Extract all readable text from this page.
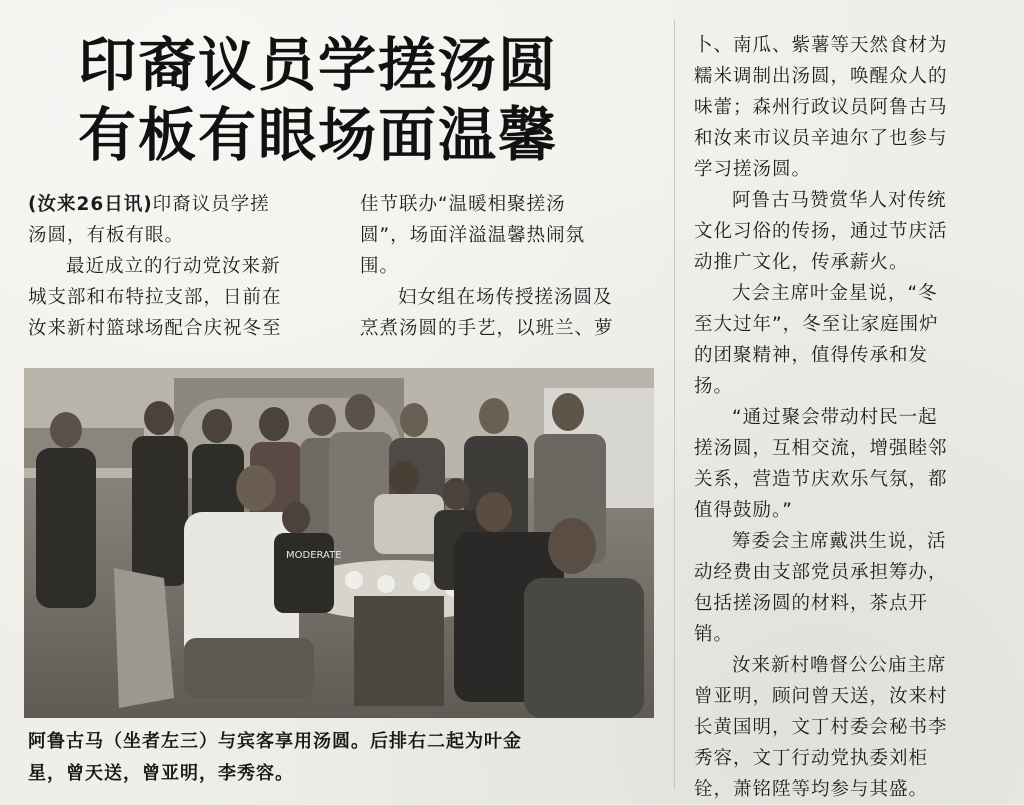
印裔议员学搓汤圆
有板有眼场面温馨
(汝来26日讯)印裔议员学搓
汤圆，有板有眼。
最近成立的行动党汝来新
城支部和布特拉支部，日前在
汝来新村篮球场配合庆祝冬至
佳节联办“温暖相聚搓汤
圆”，场面洋溢温馨热闹氛
围。
妇女组在场传授搓汤圆及
烹煮汤圆的手艺，以班兰、萝
卜、南瓜、紫薯等天然食材为
糯米调制出汤圆，唤醒众人的
味蕾；森州行政议员阿鲁古马
和汝来市议员辛迪尔了也参与
学习搓汤圆。
阿鲁古马赞赏华人对传统
文化习俗的传扬，通过节庆活
动推广文化，传承薪火。
大会主席叶金星说，“冬
至大过年”，冬至让家庭围炉
的团聚精神，值得传承和发
扬。
“通过聚会带动村民一起
搓汤圆，互相交流，增强睦邻
关系，营造节庆欢乐气氛，都
值得鼓励。”
筹委会主席戴洪生说，活
动经费由支部党员承担筹办，
包括搓汤圆的材料，茶点开
销。
汝来新村噜督公公庙主席
曾亚明，顾问曾天送，汝来村
长黄国明，文丁村委会秘书李
秀容，文丁行动党执委刘柜
铨，萧铭陞等均参与其盛。
MODERATE
阿鲁古马（坐者左三）与宾客享用汤圆。后排右二起为叶金
星，曾天送，曾亚明，李秀容。
